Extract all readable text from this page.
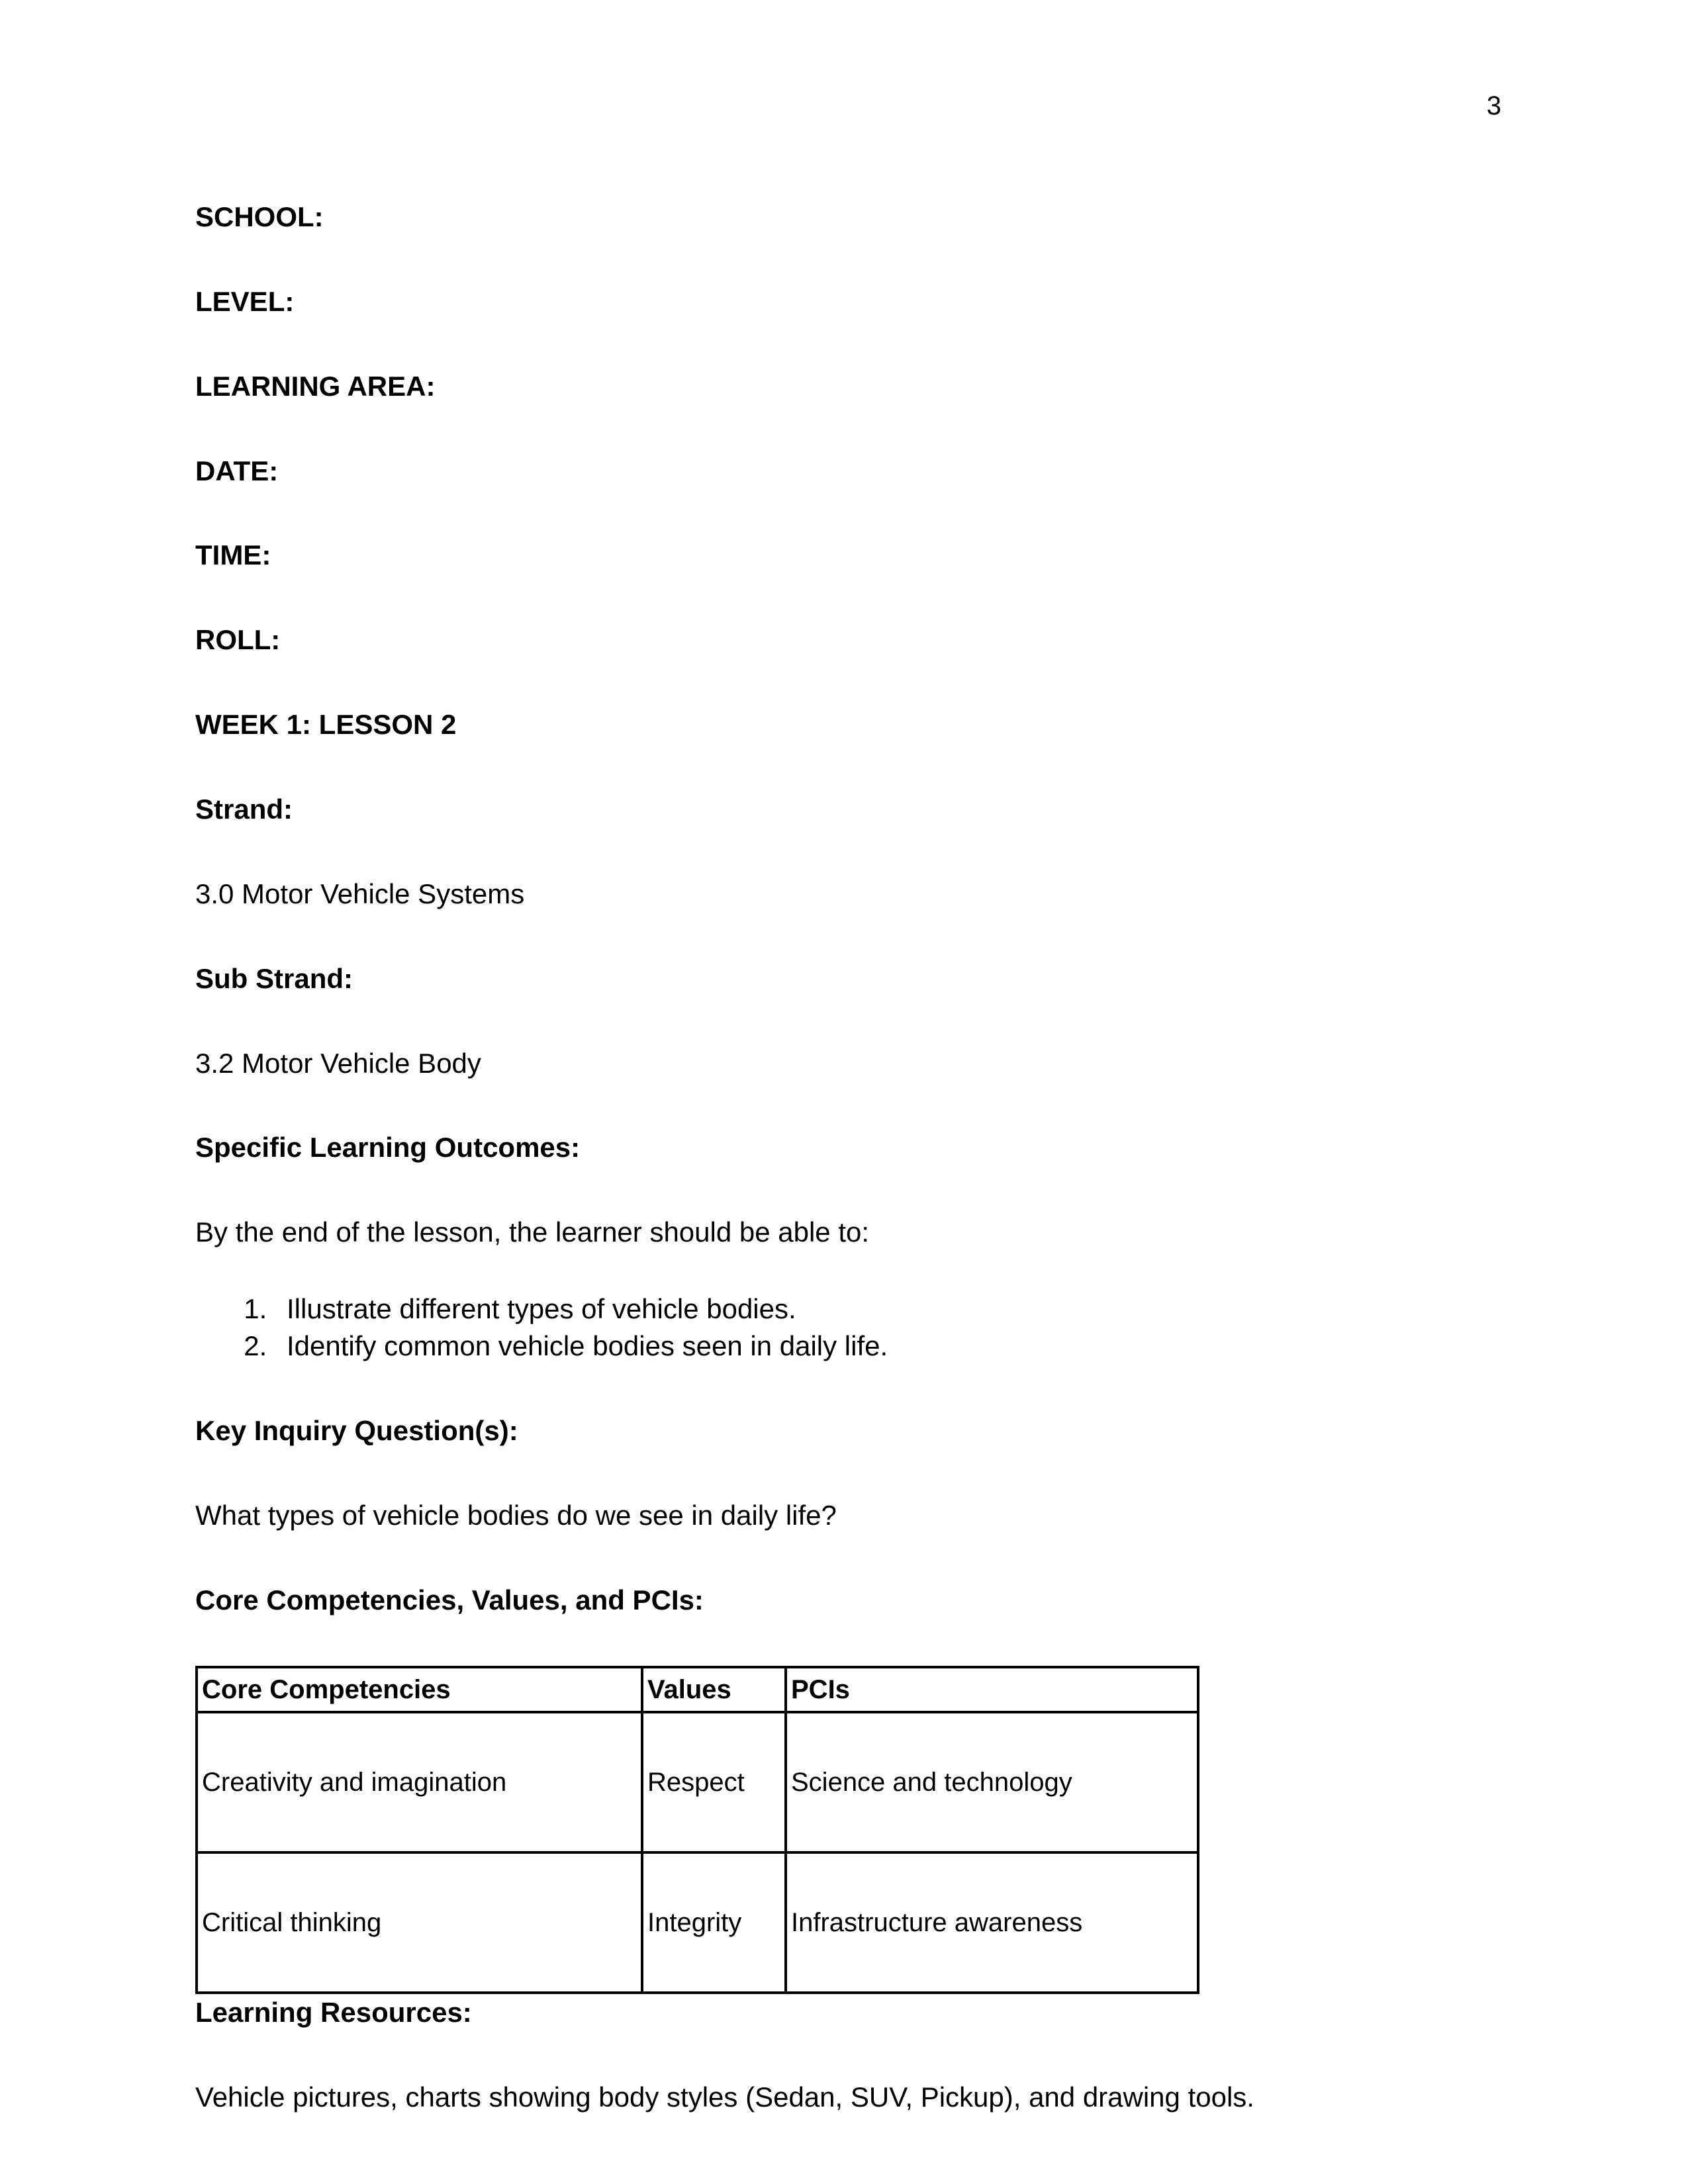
3

SCHOOL:

LEVEL:

LEARNING AREA:

DATE:

TIME:

ROLL:

WEEK 1: LESSON 2

Strand:

3.0 Motor Vehicle Systems

Sub Strand:

3.2 Motor Vehicle Body

Specific Learning Outcomes:

By the end of the lesson, the learner should be able to:

1. Illustrate different types of vehicle bodies.
2. Identify common vehicle bodies seen in daily life.

Key Inquiry Question(s):

What types of vehicle bodies do we see in daily life?

Core Competencies, Values, and PCIs:

Core Competencies	Values	PCIs
Creativity and imagination	Respect	Science and technology
Critical thinking	Integrity	Infrastructure awareness

Learning Resources:

Vehicle pictures, charts showing body styles (Sedan, SUV, Pickup), and drawing tools.
